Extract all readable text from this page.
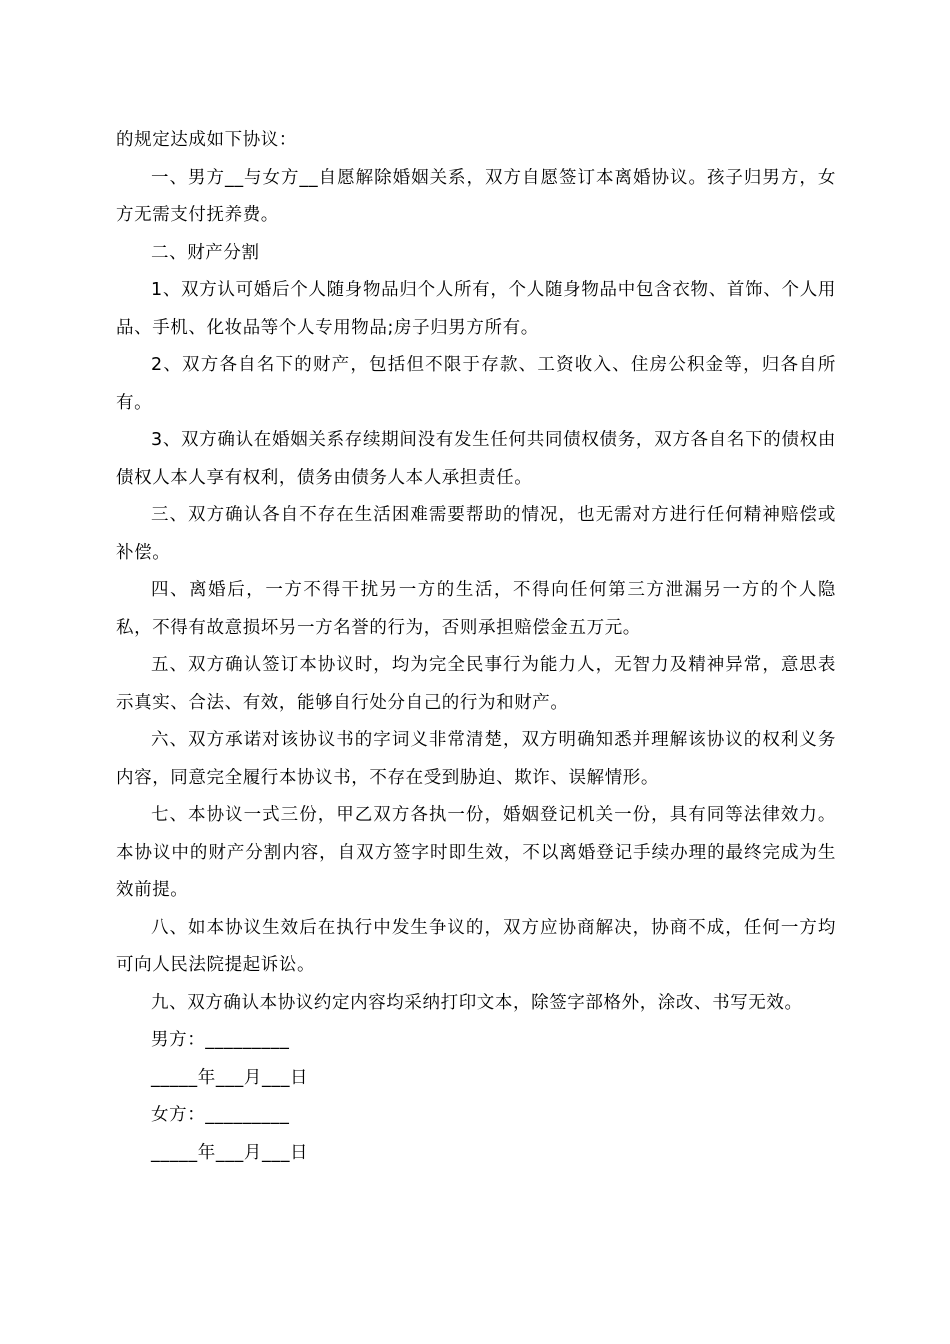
的规定达成如下协议：

一、男方__与女方__自愿解除婚姻关系，双方自愿签订本离婚协议。孩子归男方，女方无需支付抚养费。

二、财产分割

1、双方认可婚后个人随身物品归个人所有，个人随身物品中包含衣物、首饰、个人用品、手机、化妆品等个人专用物品;房子归男方所有。

2、双方各自名下的财产，包括但不限于存款、工资收入、住房公积金等，归各自所有。

3、双方确认在婚姻关系存续期间没有发生任何共同债权债务，双方各自名下的债权由债权人本人享有权利，债务由债务人本人承担责任。

三、双方确认各自不存在生活困难需要帮助的情况，也无需对方进行任何精神赔偿或补偿。

四、离婚后，一方不得干扰另一方的生活，不得向任何第三方泄漏另一方的个人隐私，不得有故意损坏另一方名誉的行为，否则承担赔偿金五万元。

五、双方确认签订本协议时，均为完全民事行为能力人，无智力及精神异常，意思表示真实、合法、有效，能够自行处分自己的行为和财产。

六、双方承诺对该协议书的字词义非常清楚，双方明确知悉并理解该协议的权利义务内容，同意完全履行本协议书，不存在受到胁迫、欺诈、误解情形。

七、本协议一式三份，甲乙双方各执一份，婚姻登记机关一份，具有同等法律效力。本协议中的财产分割内容，自双方签字时即生效，不以离婚登记手续办理的最终完成为生效前提。

八、如本协议生效后在执行中发生争议的，双方应协商解决，协商不成，任何一方均可向人民法院提起诉讼。

九、双方确认本协议约定内容均采纳打印文本，除签字部格外，涂改、书写无效。

男方：_________

_____年___月___日

女方：_________

_____年___月___日
